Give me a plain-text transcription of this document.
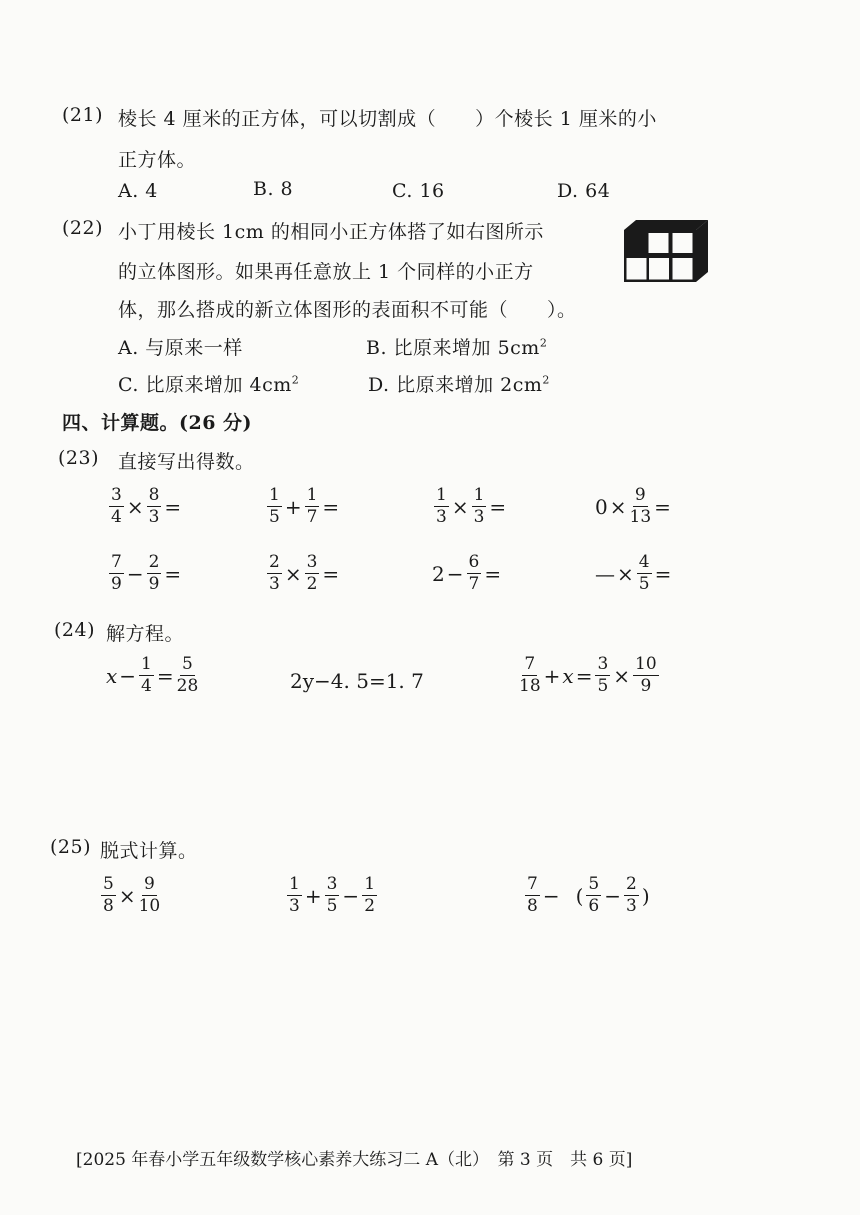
(21) 棱长 4 厘米的正方体，可以切割成（　　）个棱长 1 厘米的小
正方体。
A. 4	B. 8	C. 16	D. 64
(22) 小丁用棱长 1cm 的相同小正方体搭了如右图所示
的立体图形。如果再任意放上 1 个同样的小正方
体，那么搭成的新立体图形的表面积不可能（　　）。
A. 与原来一样	B. 比原来增加 $5cm^2$
C. 比原来增加 $4cm^2$	D. 比原来增加 $2cm^2$
四、计算题。(26 分)
(23) 直接写出得数。
$\frac{3}{4} \times \frac{8}{3}$ =	$\frac{1}{5} + \frac{1}{7}$ =	$\frac{1}{3} \times \frac{1}{3}$ =	$0 \times \frac{9}{13}$ =
$\frac{7}{9} - \frac{2}{9}$ =	$\frac{2}{3} \times \frac{3}{2}$ =	$2 - \frac{6}{7}$ =	— × $\frac{4}{5}$ =
(24) 解方程。
$x - \frac{1}{4} = \frac{5}{28}$	2y−4. 5=1. 7	$\frac{7}{18} + x = \frac{3}{5} \times \frac{10}{9}$
(25) 脱式计算。
$\frac{5}{8} \times \frac{9}{10}$	$\frac{1}{3} + \frac{3}{5} - \frac{1}{2}$	$\frac{7}{8}$ − ( $\frac{5}{6} - \frac{2}{3}$ )
[2025 年春小学五年级数学核心素养大练习二 A（北）　第 3 页　共 6 页]
